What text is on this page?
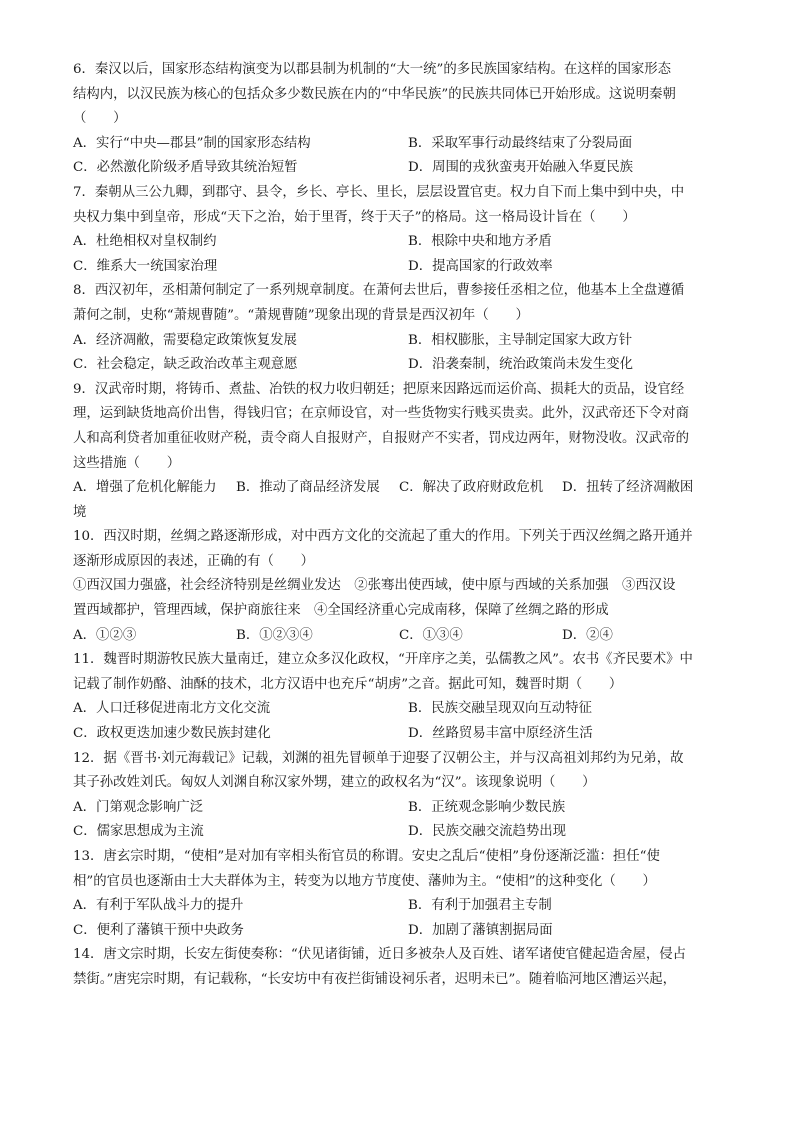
6．秦汉以后，国家形态结构演变为以郡县制为机制的“大一统”的多民族国家结构。在这样的国家形态
结构内，以汉民族为核心的包括众多少数民族在内的“中华民族”的民族共同体已开始形成。这说明秦朝
（　　）
A．实行“中央—郡县”制的国家形态结构	B．采取军事行动最终结束了分裂局面
C．必然激化阶级矛盾导致其统治短暂	D．周围的戎狄蛮夷开始融入华夏民族
7．秦朝从三公九卿，到郡守、县令，乡长、亭长、里长，层层设置官吏。权力自下而上集中到中央，中
央权力集中到皇帝，形成“天下之治，始于里胥，终于天子”的格局。这一格局设计旨在（　　）
A．杜绝相权对皇权制约	B．根除中央和地方矛盾
C．维系大一统国家治理	D．提高国家的行政效率
8．西汉初年，丞相萧何制定了一系列规章制度。在萧何去世后，曹参接任丞相之位，他基本上全盘遵循
萧何之制，史称“萧规曹随”。“萧规曹随”现象出现的背景是西汉初年（　　）
A．经济凋敝，需要稳定政策恢复发展	B．相权膨胀，主导制定国家大政方针
C．社会稳定，缺乏政治改革主观意愿	D．沿袭秦制，统治政策尚未发生变化
9．汉武帝时期，将铸币、煮盐、冶铁的权力收归朝廷；把原来因路远而运价高、损耗大的贡品，设官经
理，运到缺货地高价出售，得钱归官；在京师设官，对一些货物实行贱买贵卖。此外，汉武帝还下令对商
人和高利贷者加重征收财产税，责令商人自报财产，自报财产不实者，罚戍边两年，财物没收。汉武帝的
这些措施（　　）
A．增强了危机化解能力	B．推动了商品经济发展	C．解决了政府财政危机	D．扭转了经济凋敝困
境
10．西汉时期，丝绸之路逐渐形成，对中西方文化的交流起了重大的作用。下列关于西汉丝绸之路开通并
逐渐形成原因的表述，正确的有（　　）
①西汉国力强盛，社会经济特别是丝绸业发达　②张骞出使西域，使中原与西域的关系加强　③西汉设
置西域都护，管理西域，保护商旅往来　④全国经济重心完成南移，保障了丝绸之路的形成
A．①②③	B．①②③④	C．①③④	D．②④
11．魏晋时期游牧民族大量南迁，建立众多汉化政权，“开庠序之美，弘儒教之风”。农书《齐民要术》中
记载了制作奶酪、油酥的技术，北方汉语中也充斥“胡虏”之音。据此可知，魏晋时期（　　）
A．人口迁移促进南北方文化交流	B．民族交融呈现双向互动特征
C．政权更迭加速少数民族封建化	D．丝路贸易丰富中原经济生活
12．据《晋书·刘元海载记》记载，刘渊的祖先冒顿单于迎娶了汉朝公主，并与汉高祖刘邦约为兄弟，故
其子孙改姓刘氏。匈奴人刘渊自称汉家外甥，建立的政权名为“汉”。该现象说明（　　）
A．门第观念影响广泛	B．正统观念影响少数民族
C．儒家思想成为主流	D．民族交融交流趋势出现
13．唐玄宗时期，“使相”是对加有宰相头衔官员的称谓。安史之乱后“使相”身份逐渐泛滥：担任“使
相”的官员也逐渐由士大夫群体为主，转变为以地方节度使、藩帅为主。“使相”的这种变化（　　）
A．有利于军队战斗力的提升	B．有利于加强君主专制
C．便利了藩镇干预中央政务	D．加剧了藩镇割据局面
14．唐文宗时期，长安左街使奏称：“伏见诸街铺，近日多被杂人及百姓、诸军诸使官健起造舍屋，侵占
禁街。”唐宪宗时期，有记载称，“长安坊中有夜拦街铺设祠乐者，迟明未已”。随着临河地区漕运兴起，
